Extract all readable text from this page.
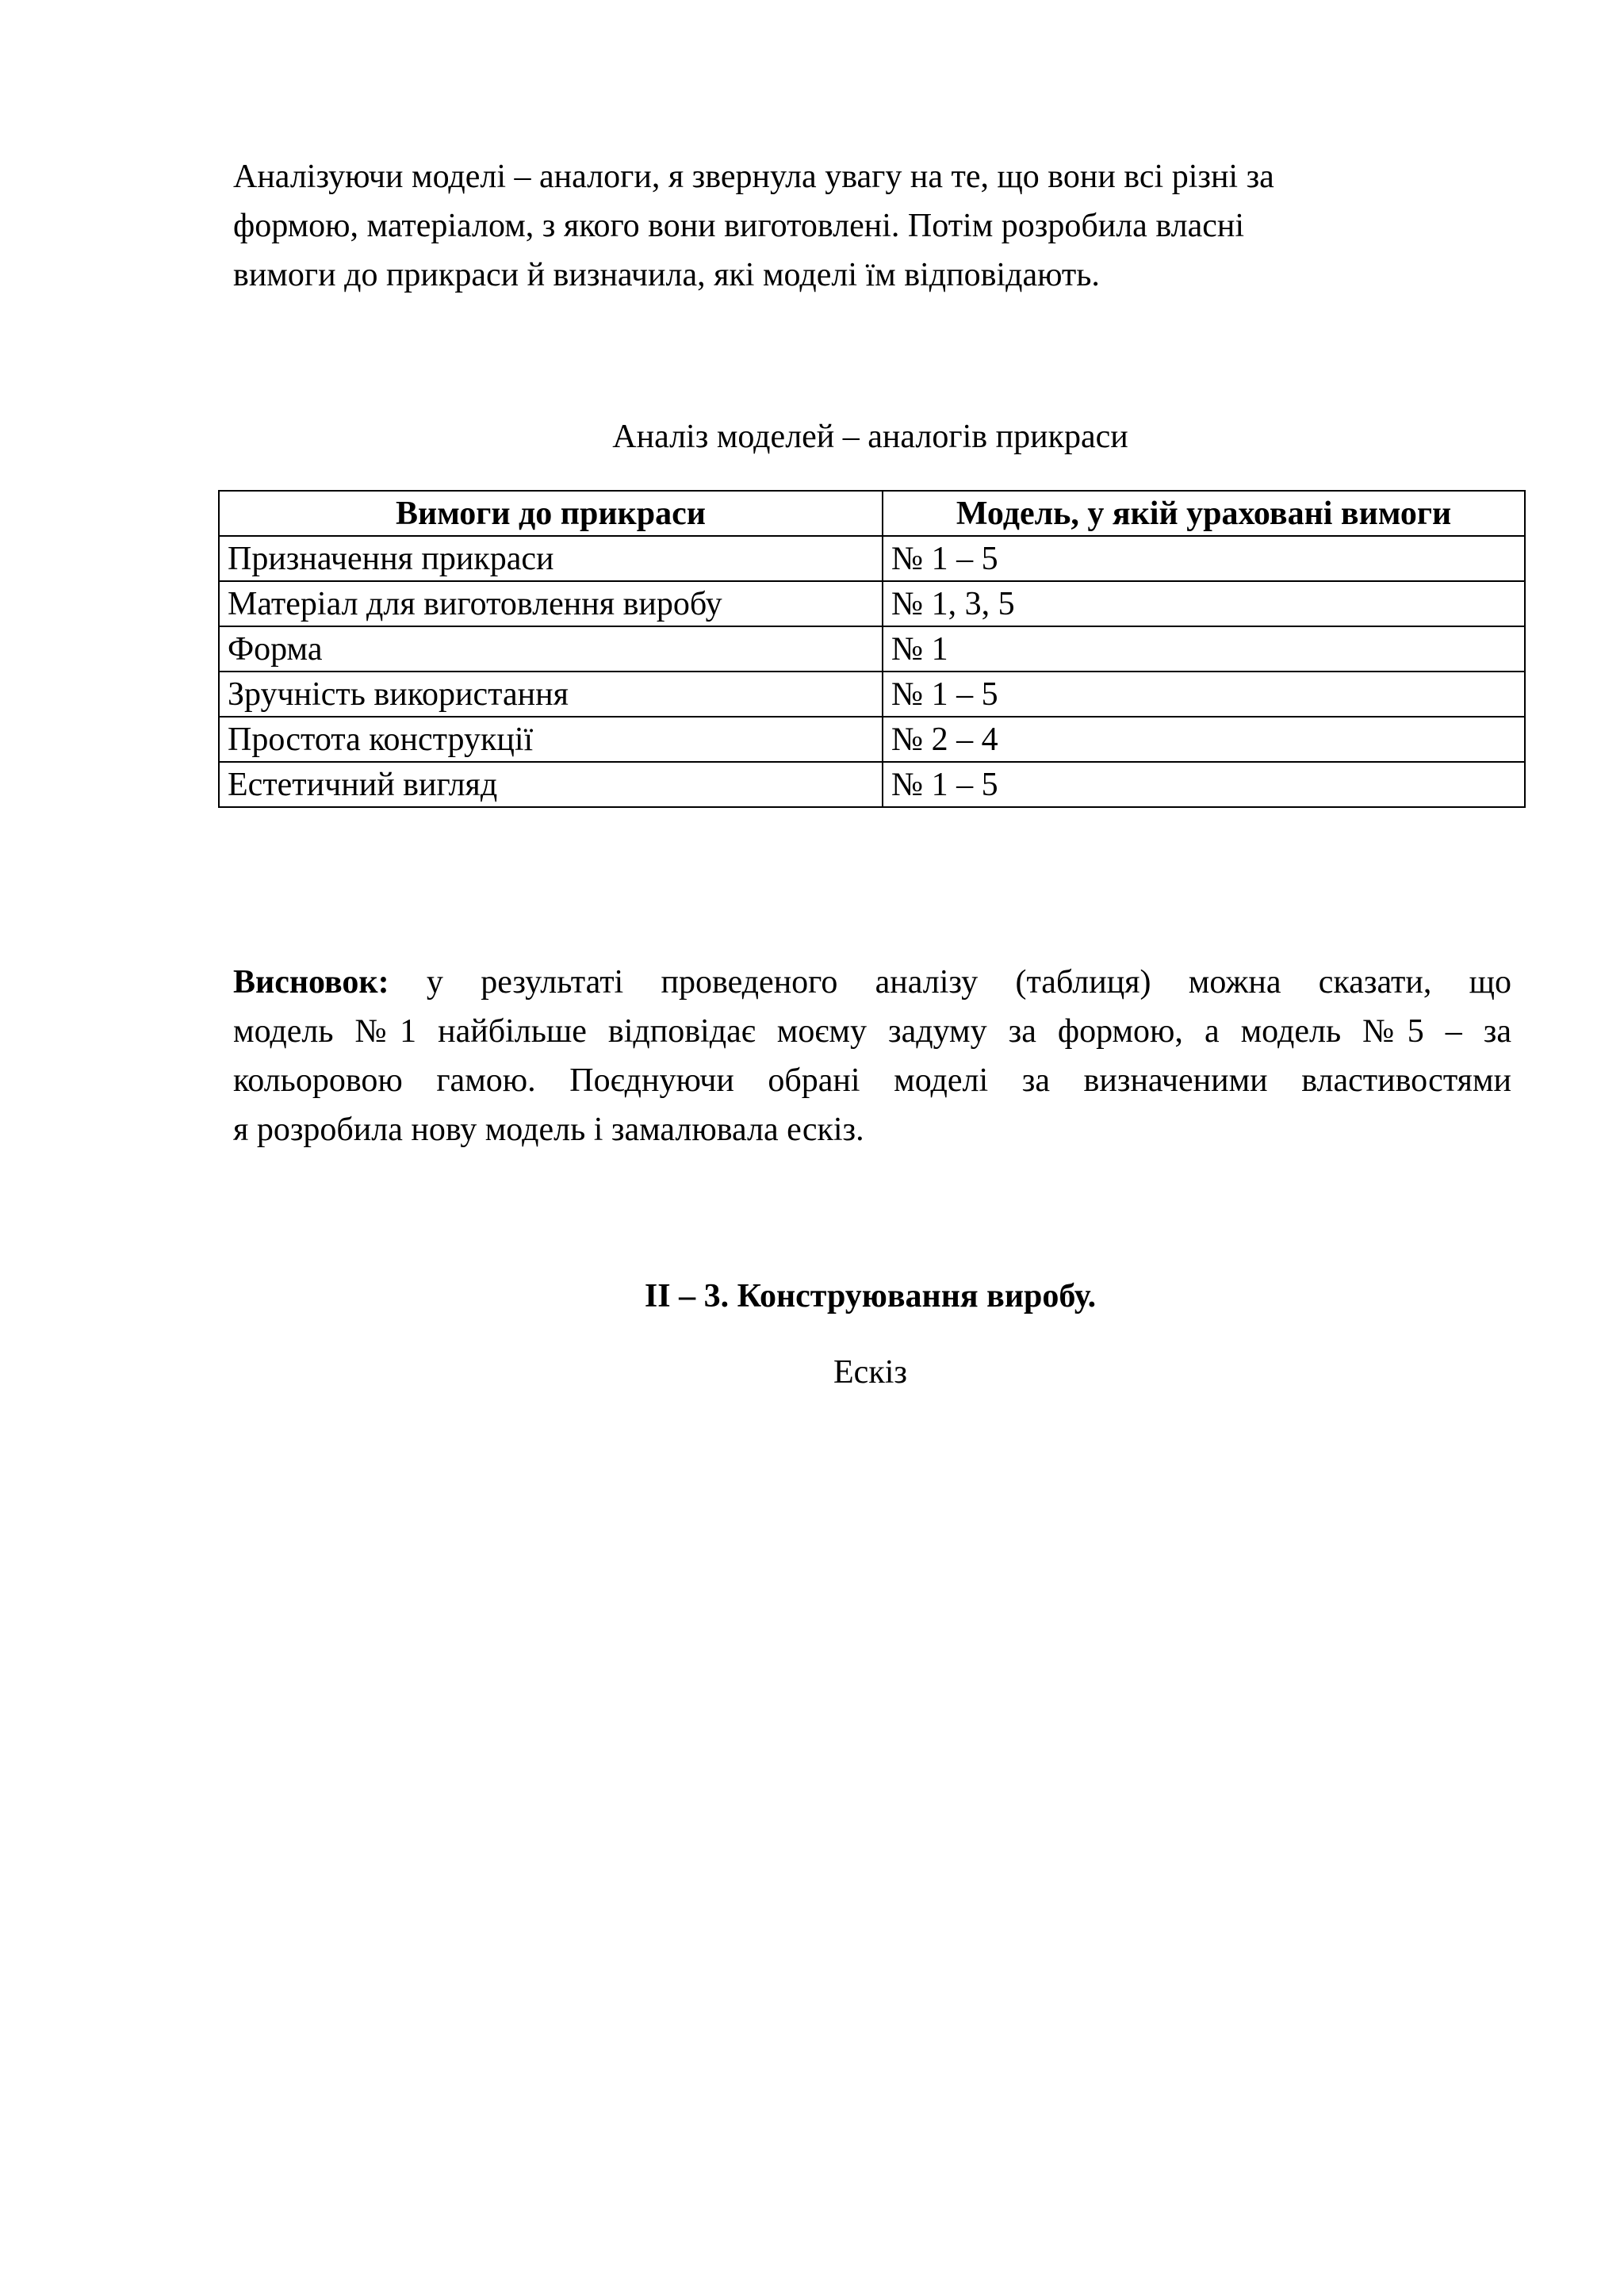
Аналізуючи моделі – аналоги, я звернула увагу на те, що вони всі різні за
формою, матеріалом, з якого вони виготовлені. Потім розробила власні
вимоги до прикраси й визначила, які моделі їм відповідають.

Аналіз моделей – аналогів прикраси

Вимоги до прикраси	Модель, у якій ураховані вимоги
Призначення прикраси	№ 1 – 5
Матеріал для виготовлення виробу	№ 1, 3, 5
Форма	№ 1
Зручність використання	№ 1 – 5
Простота конструкції	№ 2 – 4
Естетичний вигляд	№ 1 – 5
Висновок: у результаті проведеного аналізу (таблиця) можна сказати, що
модель №1 найбільше відповідає моєму задуму за формою, а модель №5 – за
кольоровою гамою. Поєднуючи обрані моделі за визначеними властивостями
я розробила нову модель і замалювала ескіз.

ІІ – 3. Конструювання виробу.

Ескіз
